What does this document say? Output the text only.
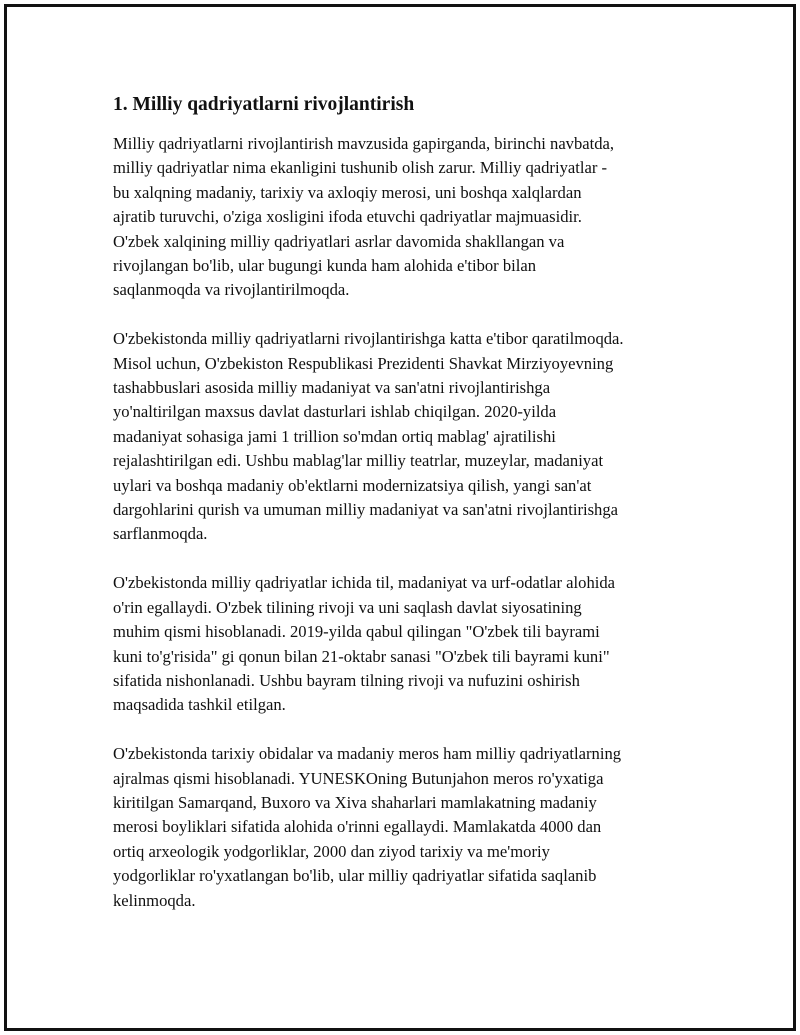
1. Milliy qadriyatlarni rivojlantirish

Milliy qadriyatlarni rivojlantirish mavzusida gapirganda, birinchi navbatda,
milliy qadriyatlar nima ekanligini tushunib olish zarur. Milliy qadriyatlar -
bu xalqning madaniy, tarixiy va axloqiy merosi, uni boshqa xalqlardan
ajratib turuvchi, o'ziga xosligini ifoda etuvchi qadriyatlar majmuasidir.
O'zbek xalqining milliy qadriyatlari asrlar davomida shakllangan va
rivojlangan bo'lib, ular bugungi kunda ham alohida e'tibor bilan
saqlanmoqda va rivojlantirilmoqda.

O'zbekistonda milliy qadriyatlarni rivojlantirishga katta e'tibor qaratilmoqda.
Misol uchun, O'zbekiston Respublikasi Prezidenti Shavkat Mirziyoyevning
tashabbuslari asosida milliy madaniyat va san'atni rivojlantirishga
yo'naltirilgan maxsus davlat dasturlari ishlab chiqilgan. 2020-yilda
madaniyat sohasiga jami 1 trillion so'mdan ortiq mablag' ajratilishi
rejalashtirilgan edi. Ushbu mablag'lar milliy teatrlar, muzeylar, madaniyat
uylari va boshqa madaniy ob'ektlarni modernizatsiya qilish, yangi san'at
dargohlarini qurish va umuman milliy madaniyat va san'atni rivojlantirishga
sarflanmoqda.

O'zbekistonda milliy qadriyatlar ichida til, madaniyat va urf-odatlar alohida
o'rin egallaydi. O'zbek tilining rivoji va uni saqlash davlat siyosatining
muhim qismi hisoblanadi. 2019-yilda qabul qilingan "O'zbek tili bayrami
kuni to'g'risida" gi qonun bilan 21-oktabr sanasi "O'zbek tili bayrami kuni"
sifatida nishonlanadi. Ushbu bayram tilning rivoji va nufuzini oshirish
maqsadida tashkil etilgan.

O'zbekistonda tarixiy obidalar va madaniy meros ham milliy qadriyatlarning
ajralmas qismi hisoblanadi. YUNESKOning Butunjahon meros ro'yxatiga
kiritilgan Samarqand, Buxoro va Xiva shaharlari mamlakatning madaniy
merosi boyliklari sifatida alohida o'rinni egallaydi. Mamlakatda 4000 dan
ortiq arxeologik yodgorliklar, 2000 dan ziyod tarixiy va me'moriy
yodgorliklar ro'yxatlangan bo'lib, ular milliy qadriyatlar sifatida saqlanib
kelinmoqda.
